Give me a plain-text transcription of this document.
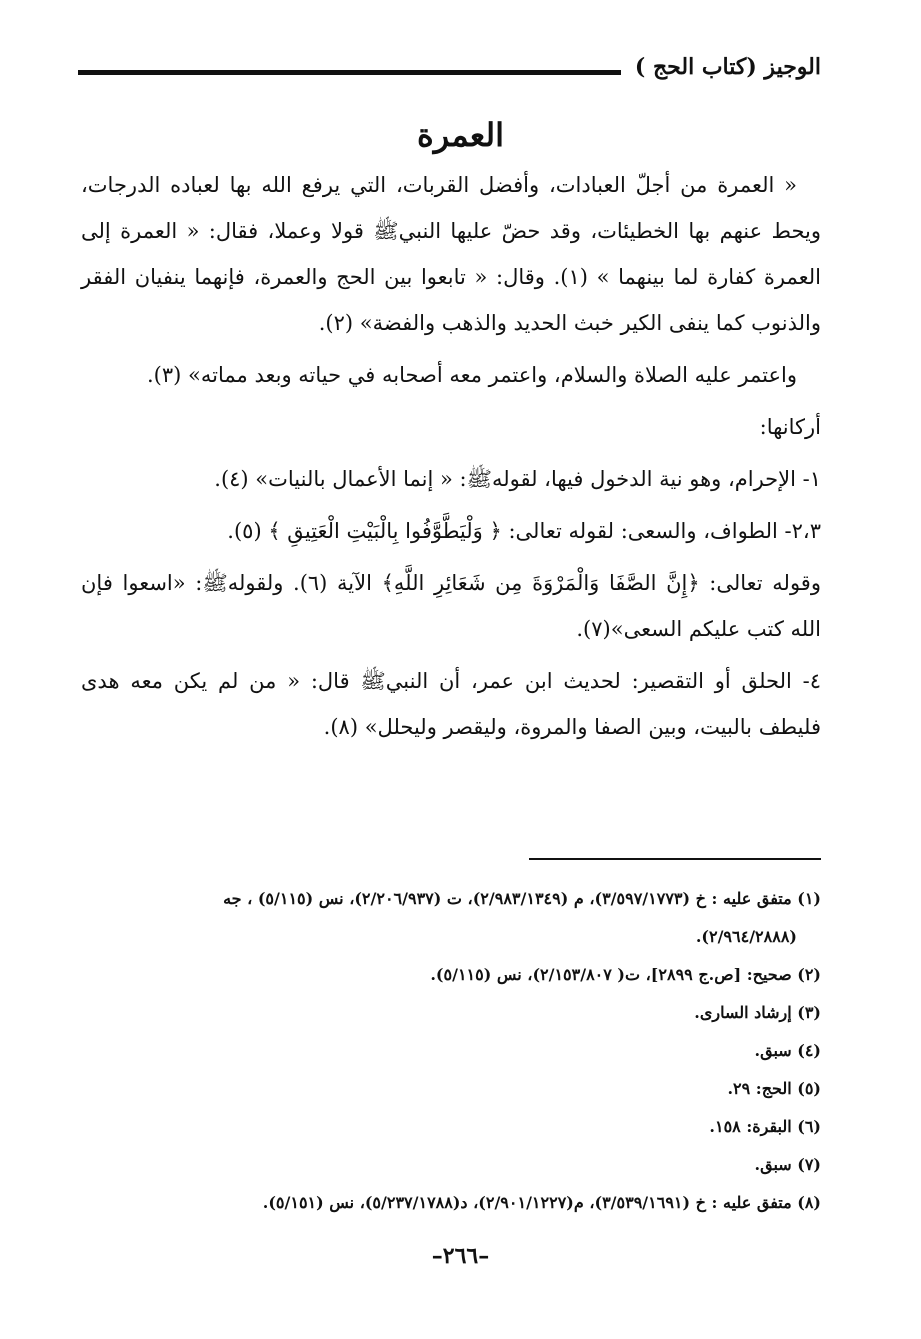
الوجيز (كتاب الحج )
العمرة

« العمرة من أجلّ العبادات، وأفضل القربات، التي يرفع الله بها لعباده الدرجات، ويحط عنهم بها الخطيئات، وقد حضّ عليها النبيﷺ قولا وعملا، فقال: « العمرة إلى العمرة كفارة لما بينهما » (١). وقال: « تابعوا بين الحج والعمرة، فإنهما ينفيان الفقر والذنوب كما ينفى الكير خبث الحديد والذهب والفضة» (٢).

واعتمر عليه الصلاة والسلام، واعتمر معه أصحابه في حياته وبعد مماته» (٣).

أركانها:

١- الإحرام، وهو نية الدخول فيها، لقولهﷺ: « إنما الأعمال بالنيات» (٤).

٢،٣- الطواف، والسعى: لقوله تعالى: ﴿ وَلْيَطَّوَّفُوا بِالْبَيْتِ الْعَتِيقِ ﴾ (٥).

وقوله تعالى: ﴿إِنَّ الصَّفَا وَالْمَرْوَةَ مِن شَعَائِرِ اللَّهِ﴾ الآية (٦). ولقولهﷺ: «اسعوا فإن الله كتب عليكم السعى»(٧).

٤- الحلق أو التقصير: لحديث ابن عمر، أن النبيﷺ قال: « من لم يكن معه هدى فليطف بالبيت، وبين الصفا والمروة، وليقصر وليحلل» (٨).

(١) متفق عليه : خ (٣/٥٩٧/١٧٧٣)، م (٢/٩٨٣/١٣٤٩)، ت (٢/٢٠٦/٩٣٧)، نس (٥/١١٥) ، جه

(٢/٩٦٤/٢٨٨٨).

(٢) صحيح: [ص.ج ٢٨٩٩]، ت( ٢/١٥٣/٨٠٧)، نس (٥/١١٥).

(٣) إرشاد السارى.

(٤) سبق.

(٥) الحج: ٢٩.

(٦) البقرة: ١٥٨.

(٧) سبق.

(٨) متفق عليه : خ (٣/٥٣٩/١٦٩١)، م(٢/٩٠١/١٢٢٧)، د(٥/٢٣٧/١٧٨٨)، نس (٥/١٥١).

–٢٦٦–
